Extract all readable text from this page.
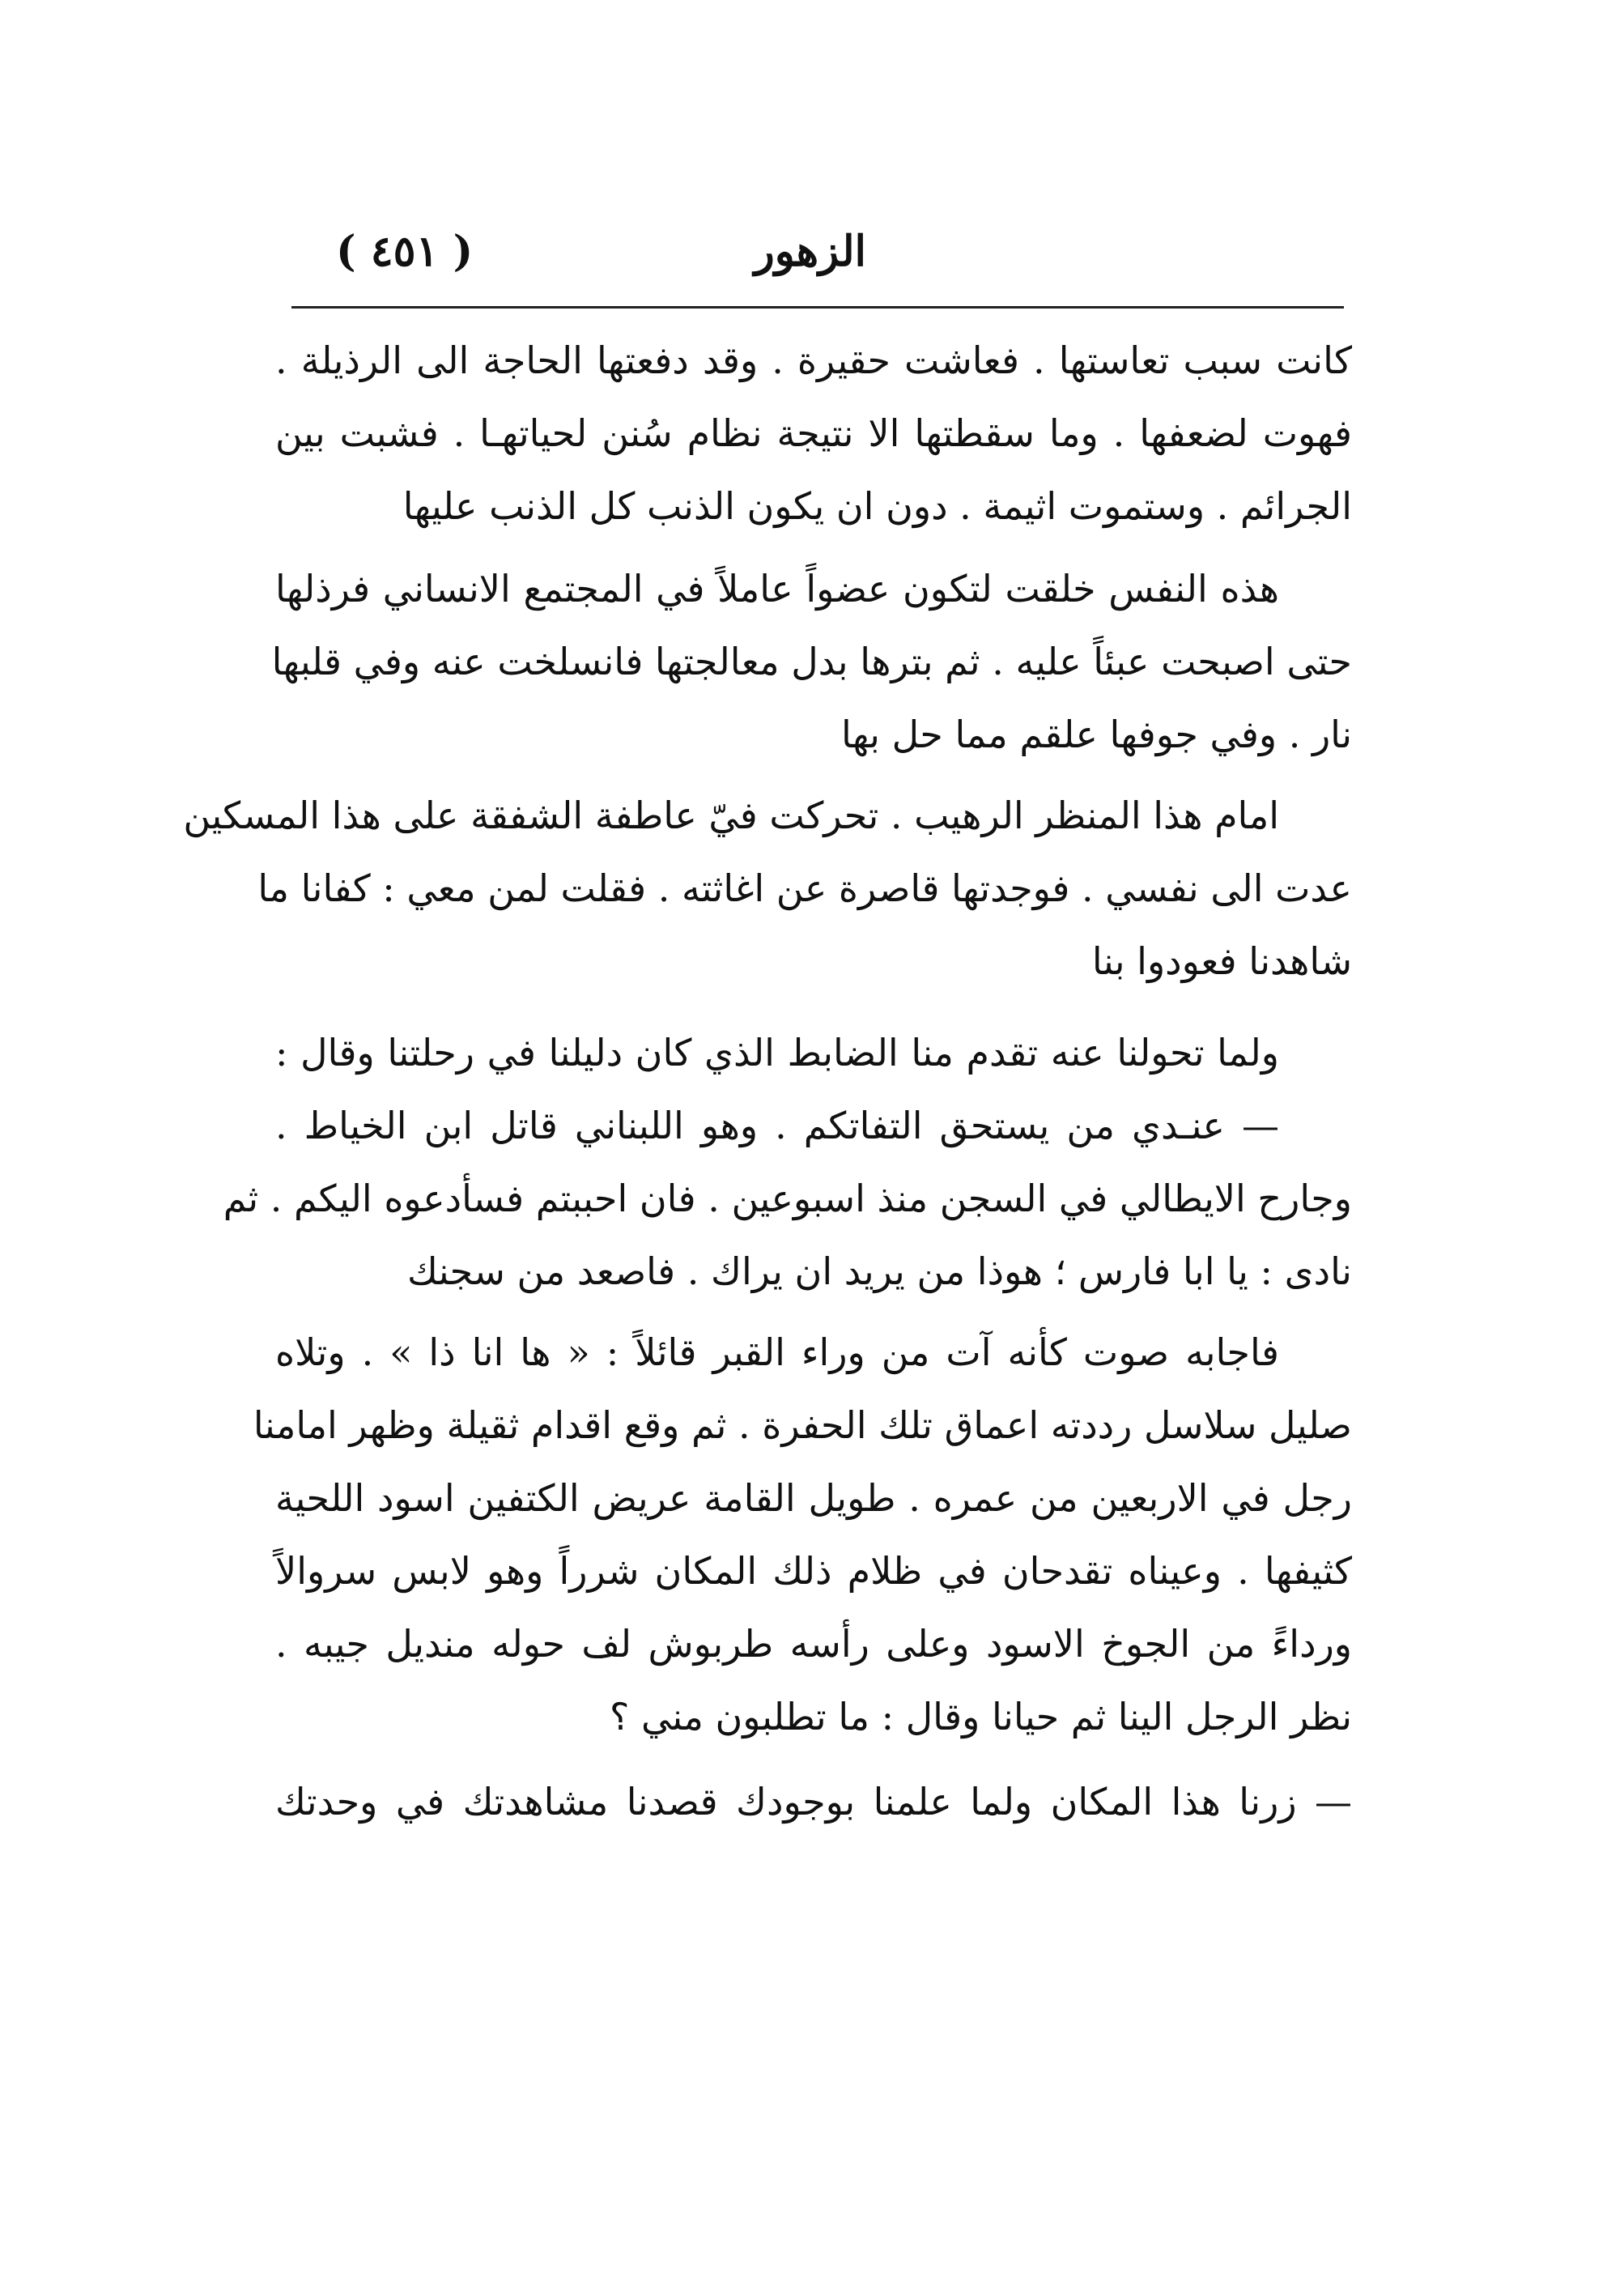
الزهور
( ٤٥١ )
كانت سبب تعاستها . فعاشت حقيرة . وقد دفعتها الحاجة الى الرذيلة .
فهوت لضعفها . وما سقطتها الا نتيجة نظام سُنن لحياتهـا . فشبت بين
الجرائم . وستموت اثيمة . دون ان يكون الذنب كل الذنب عليها
هذه النفس خلقت لتكون عضواً عاملاً في المجتمع الانساني فرذلها
حتى اصبحت عبئاً عليه . ثم بترها بدل معالجتها فانسلخت عنه وفي قلبها
نار . وفي جوفها علقم مما حل بها
امام هذا المنظر الرهيب . تحركت فيّ عاطفة الشفقة على هذا المسكين
عدت الى نفسي . فوجدتها قاصرة عن اغاثته . فقلت لمن معي : كفانا ما
شاهدنا فعودوا بنا
ولما تحولنا عنه تقدم منا الضابط الذي كان دليلنا في رحلتنا وقال :
— عنـدي من يستحق التفاتكم . وهو اللبناني قاتل ابن الخياط .
وجارح الايطالي في السجن منذ اسبوعين . فان احببتم فسأدعوه اليكم . ثم
نادى : يا ابا فارس ؛ هوذا من يريد ان يراك . فاصعد من سجنك
فاجابه صوت كأنه آت من وراء القبر قائلاً : « ها انا ذا » . وتلاه
صليل سلاسل رددته اعماق تلك الحفرة . ثم وقع اقدام ثقيلة وظهر امامنا
رجل في الاربعين من عمره . طويل القامة عريض الكتفين اسود اللحية
كثيفها . وعيناه تقدحان في ظلام ذلك المكان شرراً وهو لابس سروالاً
ورداءً من الجوخ الاسود وعلى رأسه طربوش لف حوله منديل جيبه .
نظر الرجل الينا ثم حيانا وقال : ما تطلبون مني ؟
— زرنا هذا المكان ولما علمنا بوجودك قصدنا مشاهدتك في وحدتك
